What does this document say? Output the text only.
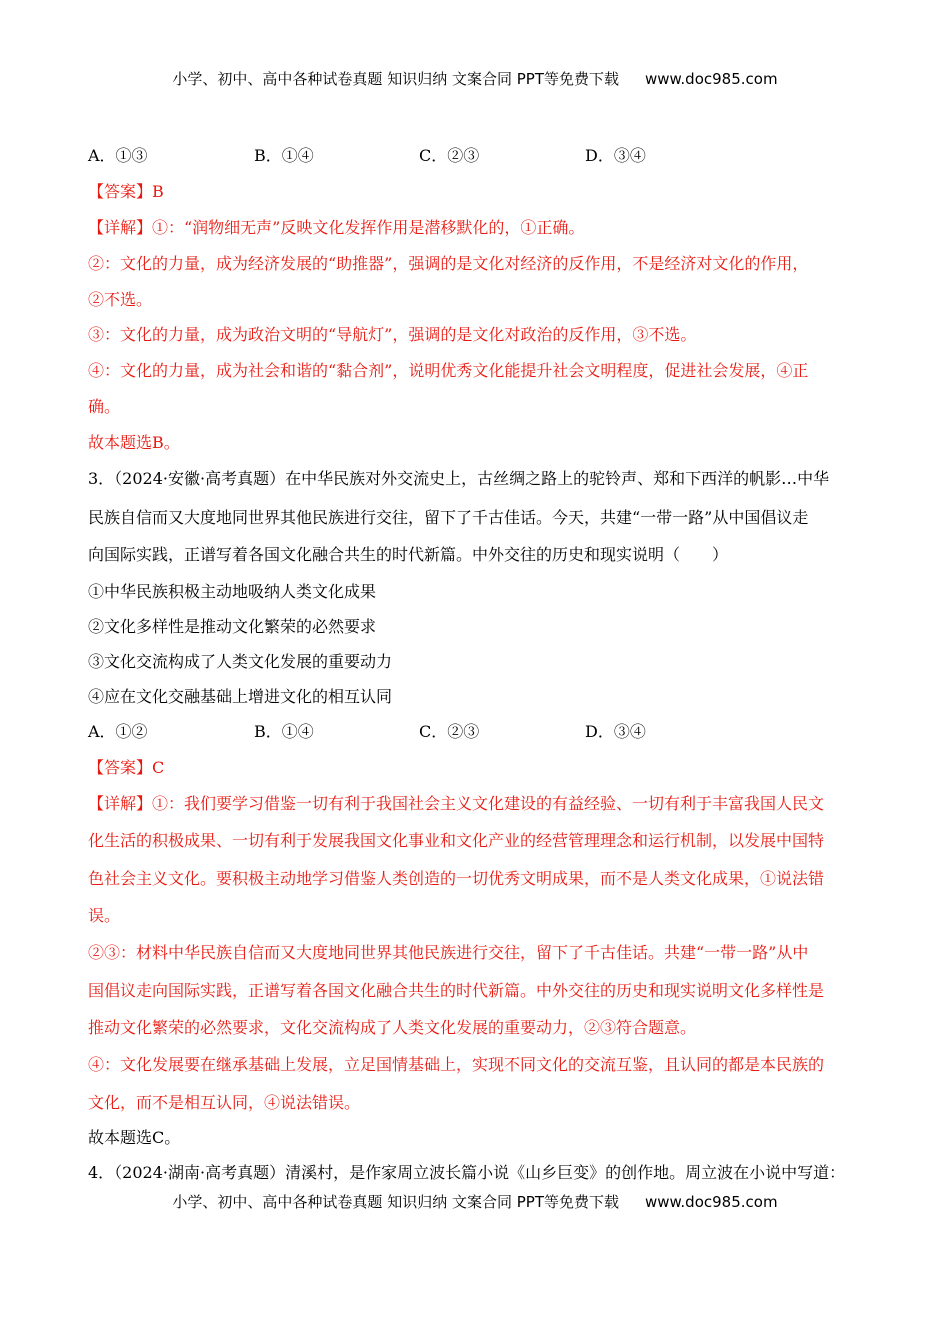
小学、初中、高中各种试卷真题 知识归纳 文案合同 PPT等免费下载 www.doc985.com
A．①③	B．①④	C．②③	D．③④
【答案】B
【详解】①：“润物细无声”反映文化发挥作用是潜移默化的，①正确。
②：文化的力量，成为经济发展的“助推器”，强调的是文化对经济的反作用，不是经济对文化的作用，
②不选。
③：文化的力量，成为政治文明的“导航灯”，强调的是文化对政治的反作用，③不选。
④：文化的力量，成为社会和谐的“黏合剂”，说明优秀文化能提升社会文明程度，促进社会发展，④正
确。
故本题选B。
3．（2024·安徽·高考真题）在中华民族对外交流史上，古丝绸之路上的驼铃声、郑和下西洋的帆影…中华
民族自信而又大度地同世界其他民族进行交往，留下了千古佳话。今天，共建“一带一路”从中国倡议走
向国际实践，正谱写着各国文化融合共生的时代新篇。中外交往的历史和现实说明（　　）
①中华民族积极主动地吸纳人类文化成果
②文化多样性是推动文化繁荣的必然要求
③文化交流构成了人类文化发展的重要动力
④应在文化交融基础上增进文化的相互认同
A．①②	B．①④	C．②③	D．③④
【答案】C
【详解】①：我们要学习借鉴一切有利于我国社会主义文化建设的有益经验、一切有利于丰富我国人民文
化生活的积极成果、一切有利于发展我国文化事业和文化产业的经营管理理念和运行机制，以发展中国特
色社会主义文化。要积极主动地学习借鉴人类创造的一切优秀文明成果，而不是人类文化成果，①说法错
误。
②③：材料中华民族自信而又大度地同世界其他民族进行交往，留下了千古佳话。共建“一带一路”从中
国倡议走向国际实践，正谱写着各国文化融合共生的时代新篇。中外交往的历史和现实说明文化多样性是
推动文化繁荣的必然要求，文化交流构成了人类文化发展的重要动力，②③符合题意。
④：文化发展要在继承基础上发展，立足国情基础上，实现不同文化的交流互鉴，且认同的都是本民族的
文化，而不是相互认同，④说法错误。
故本题选C。
4．（2024·湖南·高考真题）清溪村，是作家周立波长篇小说《山乡巨变》的创作地。周立波在小说中写道：
小学、初中、高中各种试卷真题 知识归纳 文案合同 PPT等免费下载 www.doc985.com
